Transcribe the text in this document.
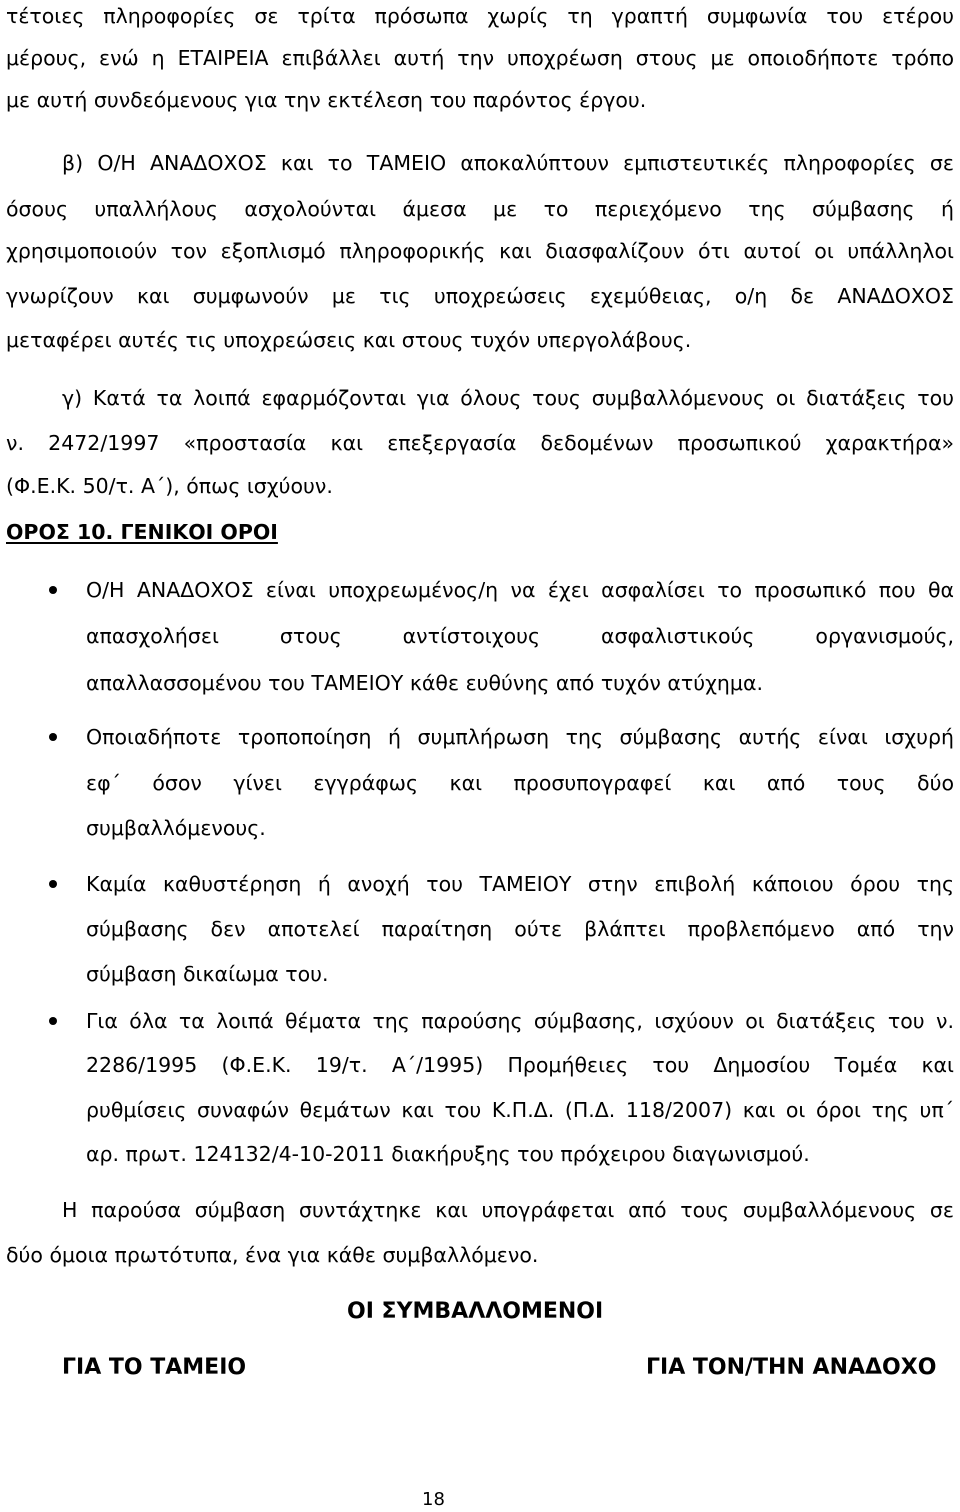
τέτοιες πληροφορίες σε τρίτα πρόσωπα χωρίς τη γραπτή συμφωνία του ετέρου
μέρους, ενώ η ΕΤΑΙΡΕΙΑ επιβάλλει αυτή την υποχρέωση στους με οποιοδήποτε τρόπο
με αυτή συνδεόμενους για την εκτέλεση του παρόντος έργου.
β) Ο/Η ΑΝΑΔΟΧΟΣ και το ΤΑΜΕΙΟ αποκαλύπτουν εμπιστευτικές πληροφορίες σε
όσους υπαλλήλους ασχολούνται άμεσα με το περιεχόμενο της σύμβασης ή
χρησιμοποιούν τον εξοπλισμό πληροφορικής και διασφαλίζουν ότι αυτοί οι υπάλληλοι
γνωρίζουν και συμφωνούν με τις υποχρεώσεις εχεμύθειας, ο/η δε ΑΝΑΔΟΧΟΣ
μεταφέρει αυτές τις υποχρεώσεις και στους τυχόν υπεργολάβους.
γ) Κατά τα λοιπά εφαρμόζονται για όλους τους συμβαλλόμενους οι διατάξεις του
ν. 2472/1997 «προστασία και επεξεργασία δεδομένων προσωπικού χαρακτήρα»
(Φ.Ε.Κ. 50/τ. Α΄), όπως ισχύουν.
ΟΡΟΣ 10. ΓΕΝΙΚΟΙ ΟΡΟΙ
Ο/Η ΑΝΑΔΟΧΟΣ είναι υποχρεωμένος/η να έχει ασφαλίσει το προσωπικό που θα
απασχολήσει στους αντίστοιχους ασφαλιστικούς οργανισμούς,
απαλλασσομένου του ΤΑΜΕΙΟΥ κάθε ευθύνης από τυχόν ατύχημα.
Οποιαδήποτε τροποποίηση ή συμπλήρωση της σύμβασης αυτής είναι ισχυρή
εφ΄ όσον γίνει εγγράφως και προσυπογραφεί και από τους δύο
συμβαλλόμενους.
Καμία καθυστέρηση ή ανοχή του ΤΑΜΕΙΟΥ στην επιβολή κάποιου όρου της
σύμβασης δεν αποτελεί παραίτηση ούτε βλάπτει προβλεπόμενο από την
σύμβαση δικαίωμα του.
Για όλα τα λοιπά θέματα της παρούσης σύμβασης, ισχύουν οι διατάξεις του ν.
2286/1995 (Φ.Ε.Κ. 19/τ. Α΄/1995) Προμήθειες του Δημοσίου Τομέα και
ρυθμίσεις συναφών θεμάτων και του Κ.Π.Δ. (Π.Δ. 118/2007) και οι όροι της υπ΄
αρ. πρωτ. 124132/4-10-2011 διακήρυξης του πρόχειρου διαγωνισμού.
Η παρούσα σύμβαση συντάχτηκε και υπογράφεται από τους συμβαλλόμενους σε
δύο όμοια πρωτότυπα, ένα για κάθε συμβαλλόμενο.
ΟΙ ΣΥΜΒΑΛΛΟΜΕΝΟΙ
ΓΙΑ ΤΟ ΤΑΜΕΙΟ	ΓΙΑ ΤΟΝ/ΤΗΝ ΑΝΑΔΟΧΟ
18
